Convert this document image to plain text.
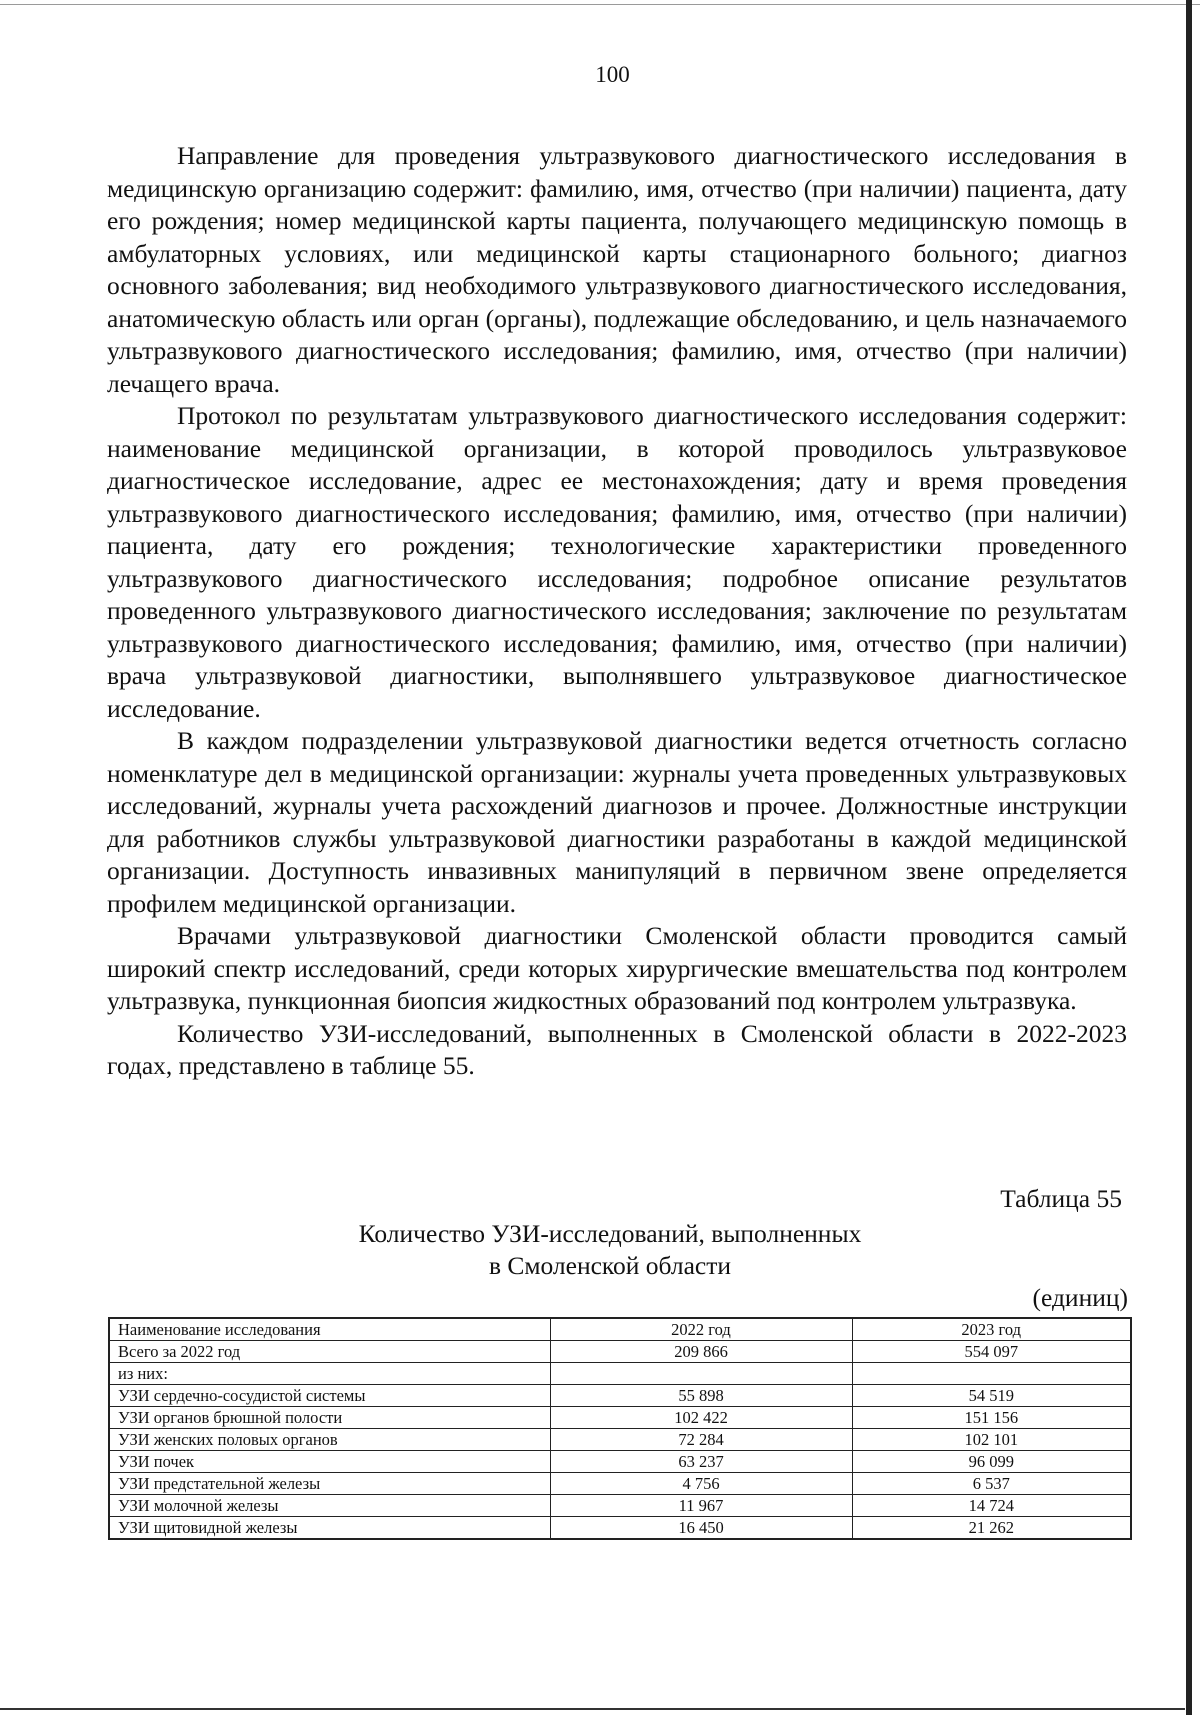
100

Направление для проведения ультразвукового диагностического исследования в медицинскую организацию содержит: фамилию, имя, отчество (при наличии) пациента, дату его рождения; номер медицинской карты пациента, получающего медицинскую помощь в амбулаторных условиях, или медицинской карты стационарного больного; диагноз основного заболевания; вид необходимого ультразвукового диагностического исследования, анатомическую область или орган (органы), подлежащие обследованию, и цель назначаемого ультразвукового диагностического исследования; фамилию, имя, отчество (при наличии) лечащего врача.

Протокол по результатам ультразвукового диагностического исследования содержит: наименование медицинской организации, в которой проводилось ультразвуковое диагностическое исследование, адрес ее местонахождения; дату и время проведения ультразвукового диагностического исследования; фамилию, имя, отчество (при наличии) пациента, дату его рождения; технологические характеристики проведенного ультразвукового диагностического исследования; подробное описание результатов проведенного ультразвукового диагностического исследования; заключение по результатам ультразвукового диагностического исследования; фамилию, имя, отчество (при наличии) врача ультразвуковой диагностики, выполнявшего ультразвуковое диагностическое исследование.

В каждом подразделении ультразвуковой диагностики ведется отчетность согласно номенклатуре дел в медицинской организации: журналы учета проведенных ультразвуковых исследований, журналы учета расхождений диагнозов и прочее. Должностные инструкции для работников службы ультразвуковой диагностики разработаны в каждой медицинской организации. Доступность инвазивных манипуляций в первичном звене определяется профилем медицинской организации.

Врачами ультразвуковой диагностики Смоленской области проводится самый широкий спектр исследований, среди которых хирургические вмешательства под контролем ультразвука, пункционная биопсия жидкостных образований под контролем ультразвука.

Количество УЗИ-исследований, выполненных в Смоленской области в 2022-2023 годах, представлено в таблице 55.

Таблица 55
Количество УЗИ-исследований, выполненных
в Смоленской области
(единиц)
Наименование исследования	2022 год	2023 год
Всего за 2022 год	209 866	554 097
из них:		
УЗИ сердечно-сосудистой системы	55 898	54 519
УЗИ органов брюшной полости	102 422	151 156
УЗИ женских половых органов	72 284	102 101
УЗИ почек	63 237	96 099
УЗИ предстательной железы	4 756	6 537
УЗИ молочной железы	11 967	14 724
УЗИ щитовидной железы	16 450	21 262
